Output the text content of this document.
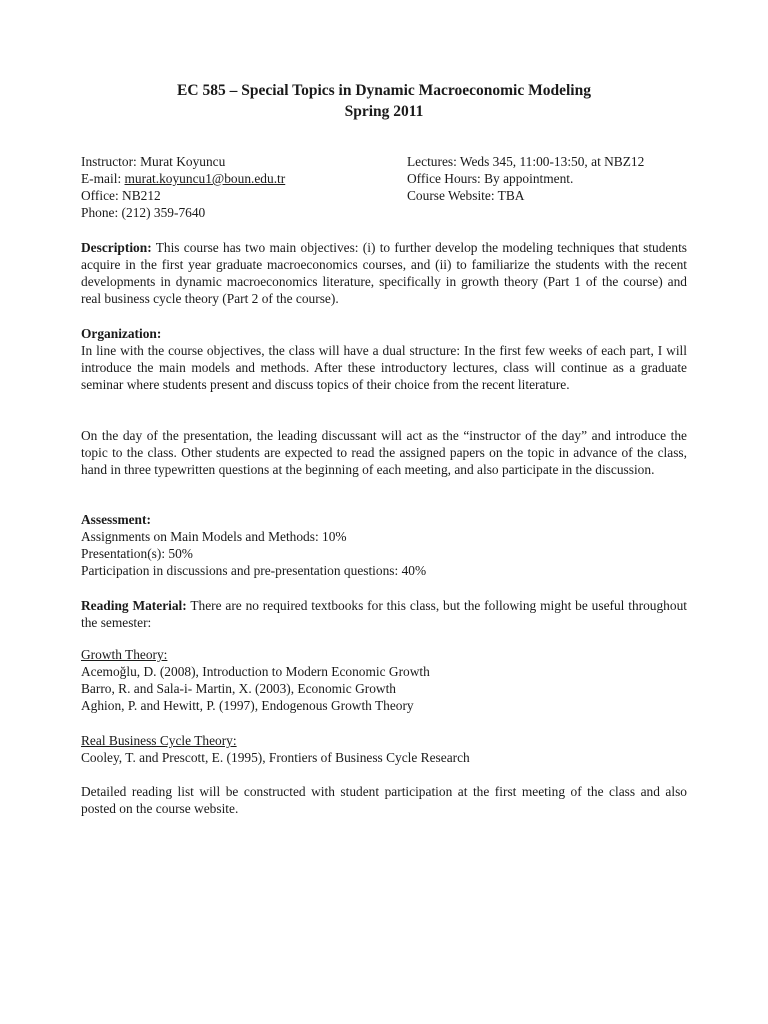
EC 585 – Special Topics in Dynamic Macroeconomic Modeling
Spring 2011
Instructor: Murat Koyuncu
E-mail: murat.koyuncu1@boun.edu.tr
Office: NB212
Phone: (212) 359-7640
Lectures: Weds 345, 11:00-13:50, at NBZ12
Office Hours: By appointment.
Course Website: TBA
Description: This course has two main objectives: (i) to further develop the modeling techniques that students acquire in the first year graduate macroeconomics courses, and (ii) to familiarize the students with the recent developments in dynamic macroeconomics literature, specifically in growth theory (Part 1 of the course) and real business cycle theory (Part 2 of the course).
Organization:
In line with the course objectives, the class will have a dual structure: In the first few weeks of each part, I will introduce the main models and methods. After these introductory lectures, class will continue as a graduate seminar where students present and discuss topics of their choice from the recent literature.
On the day of the presentation, the leading discussant will act as the “instructor of the day” and introduce the topic to the class. Other students are expected to read the assigned papers on the topic in advance of the class, hand in three typewritten questions at the beginning of each meeting, and also participate in the discussion.
Assessment:
Assignments on Main Models and Methods: 10%
Presentation(s): 50%
Participation in discussions and pre-presentation questions: 40%
Reading Material: There are no required textbooks for this class, but the following might be useful throughout the semester:
Growth Theory:
Acemoğlu, D. (2008), Introduction to Modern Economic Growth
Barro, R. and Sala-i- Martin, X. (2003), Economic Growth
Aghion, P. and Hewitt, P. (1997), Endogenous Growth Theory
Real Business Cycle Theory:
Cooley, T. and Prescott, E. (1995), Frontiers of Business Cycle Research
Detailed reading list will be constructed with student participation at the first meeting of the class and also posted on the course website.
